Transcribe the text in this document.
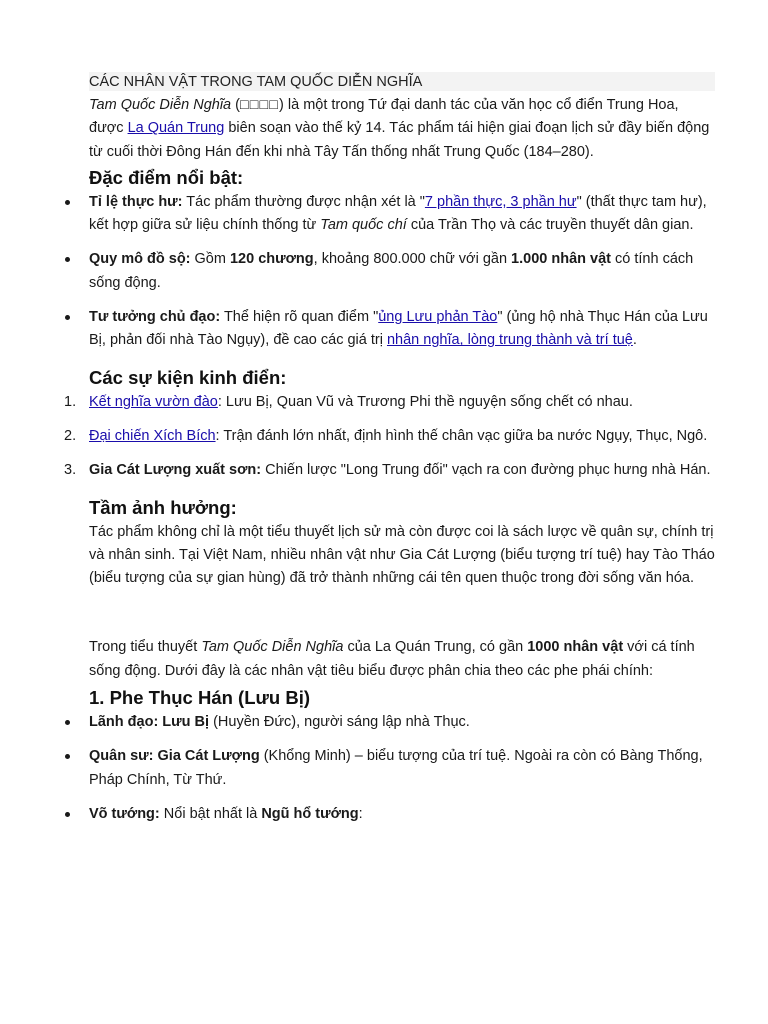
CÁC NHÂN VẬT TRONG TAM QUỐC DIỄN NGHĨA

Tam Quốc Diễn Nghĩa (□□□□) là một trong Tứ đại danh tác của văn học cổ điển Trung Hoa, được La Quán Trung biên soạn vào thế kỷ 14. Tác phẩm tái hiện giai đoạn lịch sử đầy biến động từ cuối thời Đông Hán đến khi nhà Tây Tấn thống nhất Trung Quốc (184–280).

Đặc điểm nổi bật:
Tỉ lệ thực hư: Tác phẩm thường được nhận xét là "7 phần thực, 3 phần hư" (thất thực tam hư), kết hợp giữa sử liệu chính thống từ Tam quốc chí của Trần Thọ và các truyền thuyết dân gian.
Quy mô đồ sộ: Gồm 120 chương, khoảng 800.000 chữ với gần 1.000 nhân vật có tính cách sống động.
Tư tưởng chủ đạo: Thể hiện rõ quan điểm "ủng Lưu phản Tào" (ủng hộ nhà Thục Hán của Lưu Bị, phản đối nhà Tào Ngụy), đề cao các giá trị nhân nghĩa, lòng trung thành và trí tuệ.
Các sự kiện kinh điển:
1. Kết nghĩa vườn đào: Lưu Bị, Quan Vũ và Trương Phi thề nguyện sống chết có nhau.
2. Đại chiến Xích Bích: Trận đánh lớn nhất, định hình thế chân vạc giữa ba nước Ngụy, Thục, Ngô.
3. Gia Cát Lượng xuất sơn: Chiến lược "Long Trung đối" vạch ra con đường phục hưng nhà Hán.
Tầm ảnh hưởng:

Tác phẩm không chỉ là một tiểu thuyết lịch sử mà còn được coi là sách lược về quân sự, chính trị và nhân sinh. Tại Việt Nam, nhiều nhân vật như Gia Cát Lượng (biểu tượng trí tuệ) hay Tào Tháo (biểu tượng của sự gian hùng) đã trở thành những cái tên quen thuộc trong đời sống văn hóa.

Trong tiểu thuyết Tam Quốc Diễn Nghĩa của La Quán Trung, có gần 1000 nhân vật với cá tính sống động. Dưới đây là các nhân vật tiêu biểu được phân chia theo các phe phái chính:

1. Phe Thục Hán (Lưu Bị)
Lãnh đạo: Lưu Bị (Huyền Đức), người sáng lập nhà Thục.
Quân sư: Gia Cát Lượng (Khổng Minh) – biểu tượng của trí tuệ. Ngoài ra còn có Bàng Thống, Pháp Chính, Từ Thứ.
Võ tướng: Nổi bật nhất là Ngũ hổ tướng:
